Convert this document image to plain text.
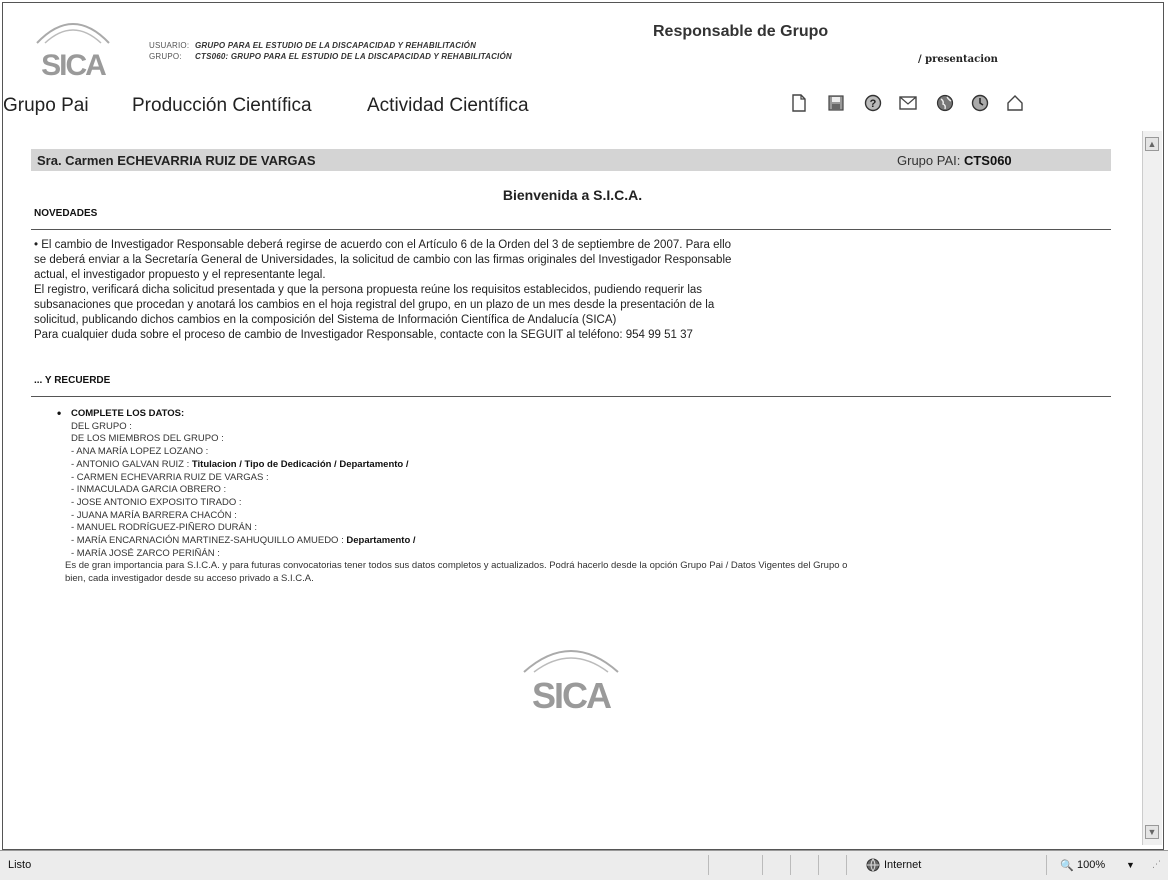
SICA
USUARIO: GRUPO PARA EL ESTUDIO DE LA DISCAPACIDAD Y REHABILITACIÓN
GRUPO: CTS060: GRUPO PARA EL ESTUDIO DE LA DISCAPACIDAD Y REHABILITACIÓN
Responsable de Grupo
/ presentacion
Grupo Pai Producción Científica	Actividad Científica	?
Sra. Carmen ECHEVARRIA RUIZ DE VARGAS	Grupo PAI: CTS060
Bienvenida a S.I.C.A.
NOVEDADES

• El cambio de Investigador Responsable deberá regirse de acuerdo con el Artículo 6 de la Orden del 3 de septiembre de 2007. Para ello

se deberá enviar a la Secretaría General de Universidades, la solicitud de cambio con las firmas originales del Investigador Responsable

actual, el investigador propuesto y el representante legal.

El registro, verificará dicha solicitud presentada y que la persona propuesta reúne los requisitos establecidos, pudiendo requerir las

subsanaciones que procedan y anotará los cambios en el hoja registral del grupo, en un plazo de un mes desde la presentación de la

solicitud, publicando dichos cambios en la composición del Sistema de Información Científica de Andalucía (SICA)

Para cualquier duda sobre el proceso de cambio de Investigador Responsable, contacte con la SEGUIT al teléfono: 954 99 51 37

... Y RECUERDE
• COMPLETE LOS DATOS:
DEL GRUPO :
DE LOS MIEMBROS DEL GRUPO :
- ANA MARÍA LOPEZ LOZANO :
- ANTONIO GALVAN RUIZ : Titulacion / Tipo de Dedicación / Departamento /
- CARMEN ECHEVARRIA RUIZ DE VARGAS :
- INMACULADA GARCIA OBRERO :
- JOSE ANTONIO EXPOSITO TIRADO :
- JUANA MARÍA BARRERA CHACÓN :
- MANUEL RODRÍGUEZ-PIÑERO DURÁN :
- MARÍA ENCARNACIÓN MARTINEZ-SAHUQUILLO AMUEDO : Departamento /
- MARÍA JOSÉ ZARCO PERIÑÁN :
Es de gran importancia para S.I.C.A. y para futuras convocatorias tener todos sus datos completos y actualizados. Podrá hacerlo desde la opción Grupo Pai / Datos Vigentes del Grupo o
bien, cada investigador desde su acceso privado a S.I.C.A.
SICA
▲
▼
Listo	Internet	🔍 100% ▼ ⋰
